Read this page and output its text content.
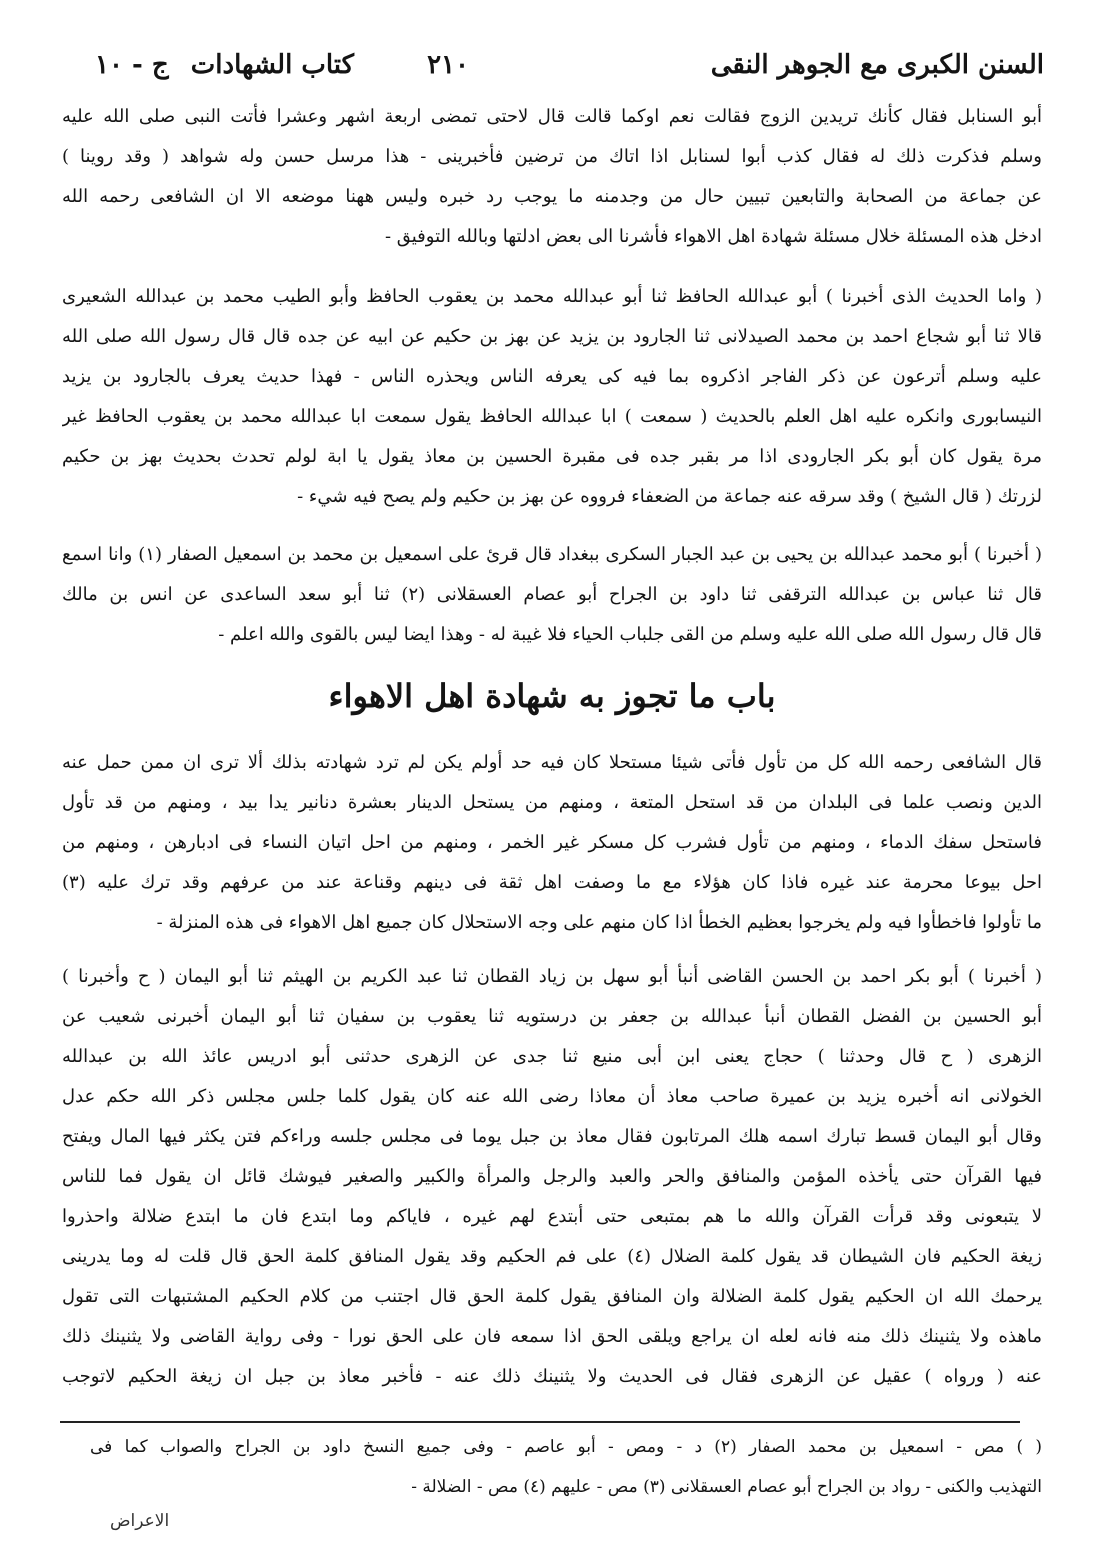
السنن الكبرى مع الجوهر النقى
٢١٠
كتاب الشهادات
ج - ١٠
أبو السنابل فقال كأنك تريدين الزوج فقالت نعم اوكما قالت قال لاحتى تمضى اربعة اشهر وعشرا فأتت النبى صلى الله عليه
وسلم فذكرت ذلك له فقال كذب أبوا لسنابل اذا اتاك من ترضين فأخبرينى - هذا مرسل حسن وله شواهد ( وقد روينا )
عن جماعة من الصحابة والتابعين تبيين حال من وجدمنه ما يوجب رد خبره وليس ههنا موضعه الا ان الشافعى رحمه الله
ادخل هذه المسئلة خلال مسئلة شهادة اهل الاهواء فأشرنا الى بعض ادلتها وبالله التوفيق -
( واما الحديث الذى أخبرنا ) أبو عبدالله الحافظ ثنا أبو عبدالله محمد بن يعقوب الحافظ وأبو الطيب محمد بن عبدالله الشعيرى
قالا ثنا أبو شجاع احمد بن محمد الصيدلانى ثنا الجارود بن يزيد عن بهز بن حكيم عن ابيه عن جده قال قال رسول الله صلى الله
عليه وسلم أترعون عن ذكر الفاجر اذكروه بما فيه كى يعرفه الناس ويحذره الناس - فهذا حديث يعرف بالجارود بن يزيد
النيسابورى وانكره عليه اهل العلم بالحديث ( سمعت ) ابا عبدالله الحافظ يقول سمعت ابا عبدالله محمد بن يعقوب الحافظ غير
مرة يقول كان أبو بكر الجارودى اذا مر بقبر جده فى مقبرة الحسين بن معاذ يقول يا ابة لولم تحدث بحديث بهز بن حكيم
لزرتك ( قال الشيخ ) وقد سرقه عنه جماعة من الضعفاء فرووه عن بهز بن حكيم ولم يصح فيه شيء -
( أخبرنا ) أبو محمد عبدالله بن يحيى بن عبد الجبار السكرى ببغداد قال قرئ على اسمعيل بن محمد بن اسمعيل الصفار (١) وانا اسمع
قال ثنا عباس بن عبدالله الترقفى ثنا داود بن الجراح أبو عصام العسقلانى (٢) ثنا أبو سعد الساعدى عن انس بن مالك
قال قال رسول الله صلى الله عليه وسلم من القى جلباب الحياء فلا غيبة له - وهذا ايضا ليس بالقوى والله اعلم -
باب ما تجوز به شهادة اهل الاهواء
قال الشافعى رحمه الله كل من تأول فأتى شيئا مستحلا كان فيه حد أولم يكن لم ترد شهادته بذلك ألا ترى ان ممن حمل عنه
الدين ونصب علما فى البلدان من قد استحل المتعة ، ومنهم من يستحل الدينار بعشرة دنانير يدا بيد ، ومنهم من قد تأول
فاستحل سفك الدماء ، ومنهم من تأول فشرب كل مسكر غير الخمر ، ومنهم من احل اتيان النساء فى ادبارهن ، ومنهم من
احل بيوعا محرمة عند غيره فاذا كان هؤلاء مع ما وصفت اهل ثقة فى دينهم وقناعة عند من عرفهم وقد ترك عليه (٣)
ما تأولوا فاخطأوا فيه ولم يخرجوا بعظيم الخطأ اذا كان منهم على وجه الاستحلال كان جميع اهل الاهواء فى هذه المنزلة -
( أخبرنا ) أبو بكر احمد بن الحسن القاضى أنبأ أبو سهل بن زياد القطان ثنا عبد الكريم بن الهيثم ثنا أبو اليمان ( ح وأخبرنا )
أبو الحسين بن الفضل القطان أنبأ عبدالله بن جعفر بن درستويه ثنا يعقوب بن سفيان ثنا أبو اليمان أخبرنى شعيب عن
الزهرى ( ح قال وحدثنا ) حجاج يعنى ابن أبى منيع ثنا جدى عن الزهرى حدثنى أبو ادريس عائذ الله بن عبدالله
الخولانى انه أخبره يزيد بن عميرة صاحب معاذ أن معاذا رضى الله عنه كان يقول كلما جلس مجلس ذكر الله حكم عدل
وقال أبو اليمان قسط تبارك اسمه هلك المرتابون فقال معاذ بن جبل يوما فى مجلس جلسه وراءكم فتن يكثر فيها المال ويفتح
فيها القرآن حتى يأخذه المؤمن والمنافق والحر والعبد والرجل والمرأة والكبير والصغير فيوشك قائل ان يقول فما للناس
لا يتبعونى وقد قرأت القرآن والله ما هم بمتبعى حتى أبتدع لهم غيره ، فاياكم وما ابتدع فان ما ابتدع ضلالة واحذروا
زيغة الحكيم فان الشيطان قد يقول كلمة الضلال (٤) على فم الحكيم وقد يقول المنافق كلمة الحق قال قلت له وما يدرينى
يرحمك الله ان الحكيم يقول كلمة الضلالة وان المنافق يقول كلمة الحق قال اجتنب من كلام الحكيم المشتبهات التى تقول
ماهذه ولا يثنينك ذلك منه فانه لعله ان يراجع ويلقى الحق اذا سمعه فان على الحق نورا - وفى رواية القاضى ولا يثنينك ذلك
عنه ( ورواه ) عقيل عن الزهرى فقال فى الحديث ولا يثنينك ذلك عنه - فأخبر معاذ بن جبل ان زيغة الحكيم لاتوجب
( ) مص - اسمعيل بن محمد الصفار (٢) د - ومص - أبو عاصم - وفى جميع النسخ داود بن الجراح والصواب كما فى
التهذيب والكنى - رواد بن الجراح أبو عصام العسقلانى (٣) مص - عليهم (٤) مص - الضلالة -
الاعراض
